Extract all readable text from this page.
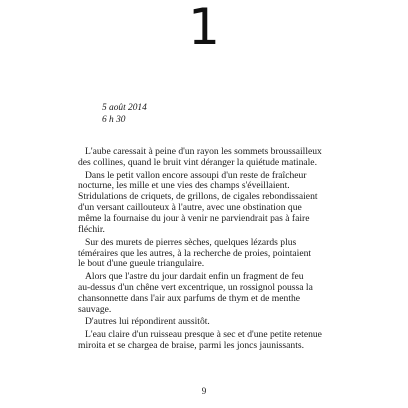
1
5 août 2014
6 h 30
L'aube caressait à peine d'un rayon les sommets broussailleux
des collines, quand le bruit vint déranger la quiétude matinale.
Dans le petit vallon encore assoupi d'un reste de fraîcheur
nocturne, les mille et une vies des champs s'éveillaient.
Stridulations de criquets, de grillons, de cigales rebondissaient
d'un versant caillouteux à l'autre, avec une obstination que
même la fournaise du jour à venir ne parviendrait pas à faire
fléchir.
Sur des murets de pierres sèches, quelques lézards plus
téméraires que les autres, à la recherche de proies, pointaient
le bout d'une gueule triangulaire.
Alors que l'astre du jour dardait enfin un fragment de feu
au-dessus d'un chêne vert excentrique, un rossignol poussa la
chansonnette dans l'air aux parfums de thym et de menthe
sauvage.
D'autres lui répondirent aussitôt.
L'eau claire d'un ruisseau presque à sec et d'une petite retenue
miroita et se chargea de braise, parmi les joncs jaunissants.
9
